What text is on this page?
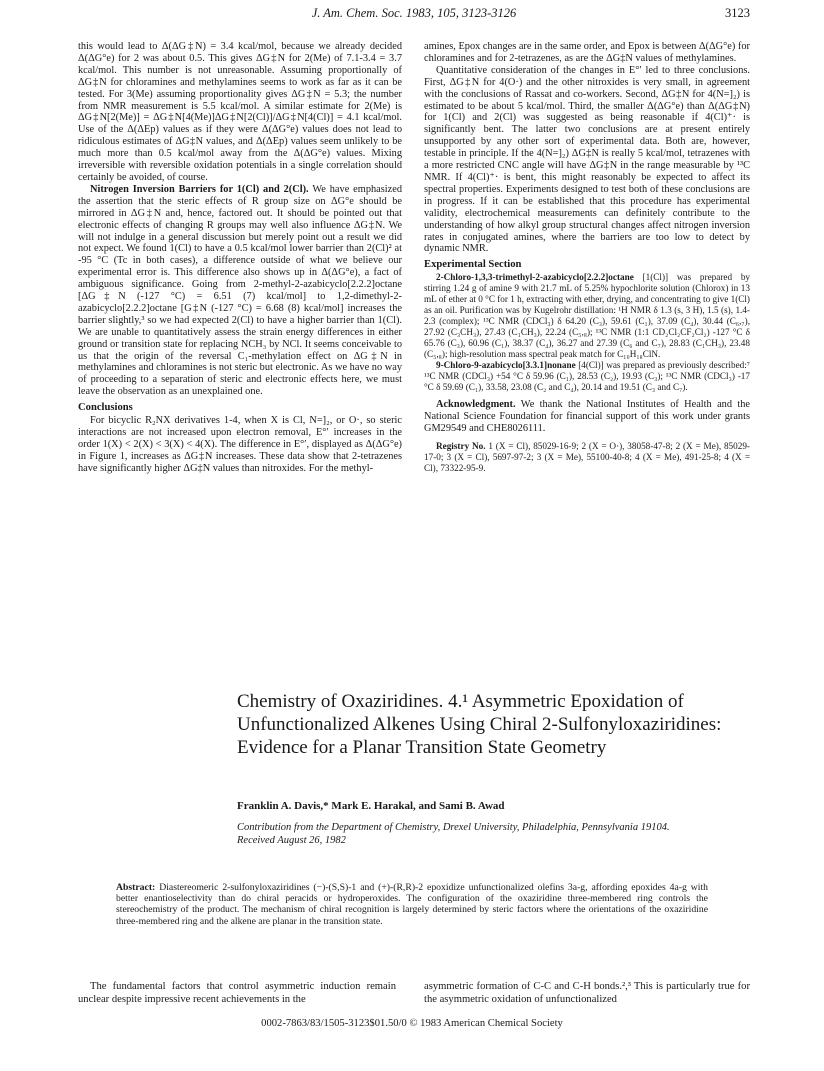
J. Am. Chem. Soc. 1983, 105, 3123-3126	3123

this would lead to Δ(ΔG‡N) = 3.4 kcal/mol, because we already decided Δ(ΔG°e) for 2 was about 0.5. This gives ΔG‡N for 2(Me) of 7.1-3.4 = 3.7 kcal/mol. This number is not unreasonable. Assuming proportionally of ΔG‡N for chloramines and methylamines seems to work as far as it can be tested. For 3(Me) assuming proportionality gives ΔG‡N = 5.3; the number from NMR measurement is 5.5 kcal/mol. A similar estimate for 2(Me) is ΔG‡N[2(Me)] = ΔG‡N[4(Me)]ΔG‡N[2(Cl)]/ΔG‡N[4(Cl)] = 4.1 kcal/mol. Use of the Δ(ΔEp) values as if they were Δ(ΔG°e) values does not lead to ridiculous estimates of ΔG‡N values, and Δ(ΔEp) values seem unlikely to be much more than 0.5 kcal/mol away from the Δ(ΔG°e) values. Mixing irreversible with reversible oxidation potentials in a single correlation should certainly be avoided, of course.

Nitrogen Inversion Barriers for 1(Cl) and 2(Cl). We have emphasized the assertion that the steric effects of R group size on ΔG°e should be mirrored in ΔG‡N and, hence, factored out. It should be pointed out that electronic effects of changing R groups may well also influence ΔG‡N. We will not indulge in a general discussion but merely point out a result we did not expect. We found 1(Cl) to have a 0.5 kcal/mol lower barrier than 2(Cl)² at -95 °C (Tc in both cases), a difference outside of what we believe our experimental error is. This difference also shows up in Δ(ΔG°e), a fact of ambiguous significance. Going from 2-methyl-2-azabicyclo[2.2.2]octane [ΔG‡N (-127 °C) = 6.51 (7) kcal/mol] to 1,2-dimethyl-2-azabicyclo[2.2.2]octane [G‡N (-127 °C) = 6.68 (8) kcal/mol] increases the barrier slightly,³ so we had expected 2(Cl) to have a higher barrier than 1(Cl). We are unable to quantitatively assess the strain energy differences in either ground or transition state for replacing NCH₃ by NCl. It seems conceivable to us that the origin of the reversal C₁-methylation effect on ΔG‡N in methylamines and chloramines is not steric but electronic. As we have no way of proceeding to a separation of steric and electronic effects here, we must leave the observation as an unexplained one.

Conclusions

For bicyclic R₂NX derivatives 1-4, when X is Cl, N=]₂, or O·, so steric interactions are not increased upon electron removal, E°′ increases in the order 1(X) < 2(X) < 3(X) < 4(X). The difference in E°′, displayed as Δ(ΔG°e) in Figure 1, increases as ΔG‡N increases. These data show that 2-tetrazenes have significantly higher ΔG‡N values than nitroxides. For the methyl-

amines, Epox changes are in the same order, and Epox is between Δ(ΔG°e) for chloramines and for 2-tetrazenes, as are the ΔG‡N values of methylamines.

Quantitative consideration of the changes in E°′ led to three conclusions. First, ΔG‡N for 4(O·) and the other nitroxides is very small, in agreement with the conclusions of Rassat and co-workers. Second, ΔG‡N for 4(N=]₂) is estimated to be about 5 kcal/mol. Third, the smaller Δ(ΔG°e) than Δ(ΔG‡N) for 1(Cl) and 2(Cl) was suggested as being reasonable if 4(Cl)⁺· is significantly bent. The latter two conclusions are at present entirely unsupported by any other sort of experimental data. Both are, however, testable in principle. If the 4(N=]₂) ΔG‡N is really 5 kcal/mol, tetrazenes with a more restricted CNC angle will have ΔG‡N in the range measurable by ¹³C NMR. If 4(Cl)⁺· is bent, this might reasonably be expected to affect its spectral properties. Experiments designed to test both of these conclusions are in progress. If it can be established that this procedure has experimental validity, electrochemical measurements can definitely contribute to the understanding of how alkyl group structural changes affect nitrogen inversion rates in conjugated amines, where the barriers are too low to detect by dynamic NMR.

Experimental Section

2-Chloro-1,3,3-trimethyl-2-azabicyclo[2.2.2]octane [1(Cl)] was prepared by stirring 1.24 g of amine 9 with 21.7 mL of 5.25% hypochlorite solution (Chlorox) in 13 mL of ether at 0 °C for 1 h, extracting with ether, drying, and concentrating to give 1(Cl) as an oil. Purification was by Kugelrohr distillation: ¹H NMR δ 1.3 (s, 3 H), 1.5 (s), 1.4-2.3 (complex); ¹³C NMR (CDCl₃) δ 64.20 (C₃), 59.61 (C₁), 37.09 (C₄), 30.44 (C₆,₇), 27.92 (C₃CH₃), 27.43 (C₁CH₃), 22.24 (C₅,₈); ¹³C NMR (1:1 CD₂Cl₂CF₂Cl₂) -127 °C δ 65.76 (C₃), 60.96 (C₁), 38.37 (C₄), 36.27 and 27.39 (C₆ and C₇), 28.83 (C₁CH₃), 23.48 (C₅,₈); high-resolution mass spectral peak match for C₁₀H₁₈ClN.

9-Chloro-9-azabicyclo[3.3.1]nonane [4(Cl)] was prepared as previously described:⁷ ¹³C NMR (CDCl₃) +54 °C δ 59.96 (C₁), 28.53 (C₂), 19.93 (C₃); ¹³C NMR (CDCl₃) -17 °C δ 59.69 (C₁), 33.58, 23.08 (C₂ and C₄), 20.14 and 19.51 (C₃ and C₇).

Acknowledgment. We thank the National Institutes of Health and the National Science Foundation for financial support of this work under grants GM29549 and CHE8026111.

Registry No. 1 (X = Cl), 85029-16-9; 2 (X = O·), 38058-47-8; 2 (X = Me), 85029-17-0; 3 (X = Cl), 5697-97-2; 3 (X = Me), 55100-40-8; 4 (X = Me), 491-25-8; 4 (X = Cl), 73322-95-9.

Chemistry of Oxaziridines. 4.¹ Asymmetric Epoxidation of Unfunctionalized Alkenes Using Chiral 2-Sulfonyloxaziridines: Evidence for a Planar Transition State Geometry
Franklin A. Davis,* Mark E. Harakal, and Sami B. Awad
Contribution from the Department of Chemistry, Drexel University, Philadelphia, Pennsylvania 19104. Received August 26, 1982
Abstract: Diastereomeric 2-sulfonyloxaziridines (−)-(S,S)-1 and (+)-(R,R)-2 epoxidize unfunctionalized olefins 3a-g, affording epoxides 4a-g with better enantioselectivity than do chiral peracids or hydroperoxides. The configuration of the oxaziridine three-membered ring controls the stereochemistry of the product. The mechanism of chiral recognition is largely determined by steric factors where the orientations of the oxaziridine three-membered ring and the alkene are planar in the transition state.

The fundamental factors that control asymmetric induction remain unclear despite impressive recent achievements in the

asymmetric formation of C-C and C-H bonds.²,³ This is particularly true for the asymmetric oxidation of unfunctionalized

0002-7863/83/1505-3123$01.50/0 © 1983 American Chemical Society
